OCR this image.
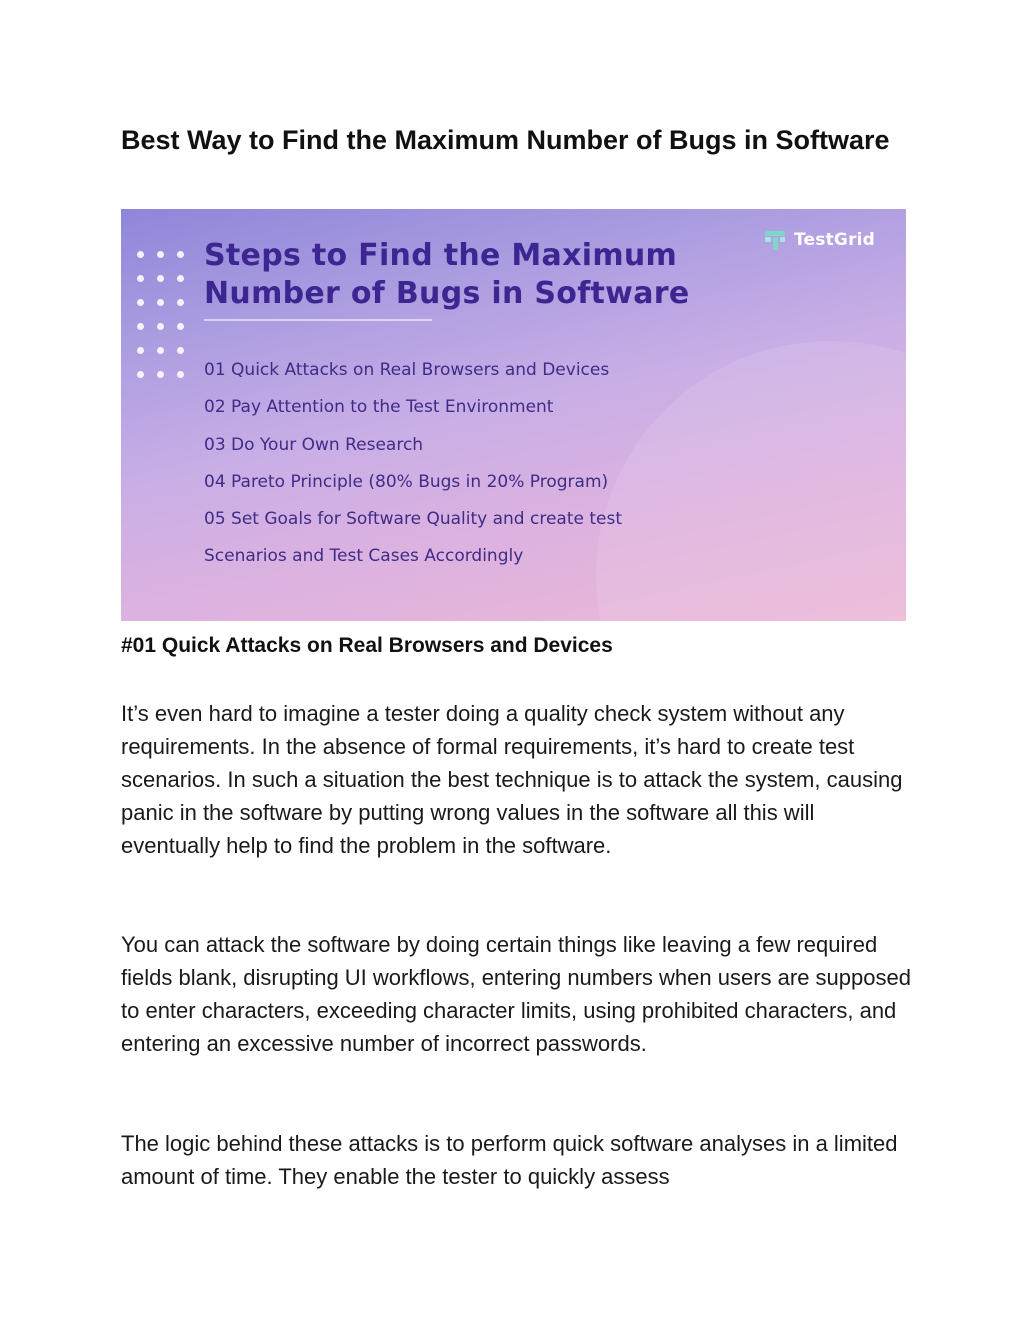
Best Way to Find the Maximum Number of Bugs in Software
TestGrid
Steps to Find the Maximum
Number of Bugs in Software
01 Quick Attacks on Real Browsers and Devices
02 Pay Attention to the Test Environment
03 Do Your Own Research
04 Pareto Principle (80% Bugs in 20% Program)
05 Set Goals for Software Quality and create test
Scenarios and Test Cases Accordingly
#01 Quick Attacks on Real Browsers and Devices

It’s even hard to imagine a tester doing a quality check system without any requirements. In the absence of formal requirements, it’s hard to create test scenarios. In such a situation the best technique is to attack the system, causing panic in the software by putting wrong values in the software all this will eventually help to find the problem in the software.

You can attack the software by doing certain things like leaving a few required fields blank, disrupting UI workflows, entering numbers when users are supposed to enter characters, exceeding character limits, using prohibited characters, and entering an excessive number of incorrect passwords.

The logic behind these attacks is to perform quick software analyses in a limited amount of time. They enable the tester to quickly assess
